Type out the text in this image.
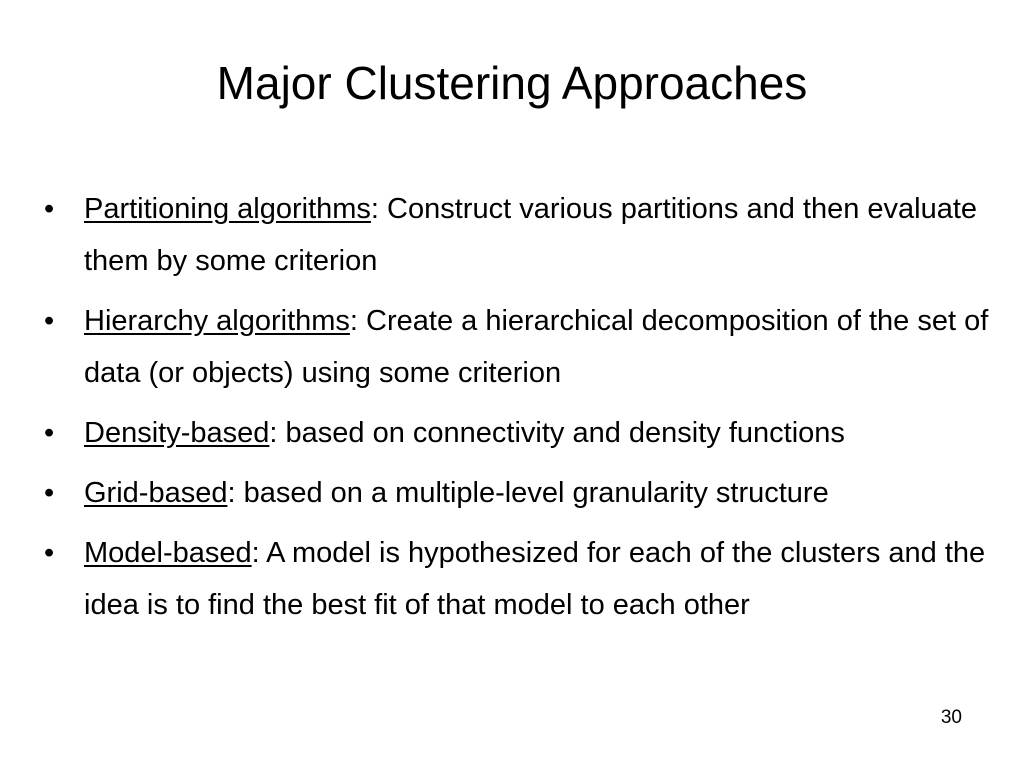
Major Clustering Approaches
•	Partitioning algorithms: Construct various partitions and then evaluate them by some criterion
•	Hierarchy algorithms: Create a hierarchical decomposition of the set of data (or objects) using some criterion
•	Density-based: based on connectivity and density functions
•	Grid-based: based on a multiple-level granularity structure
•	Model-based: A model is hypothesized for each of the clusters and the idea is to find the best fit of that model to each other
30
